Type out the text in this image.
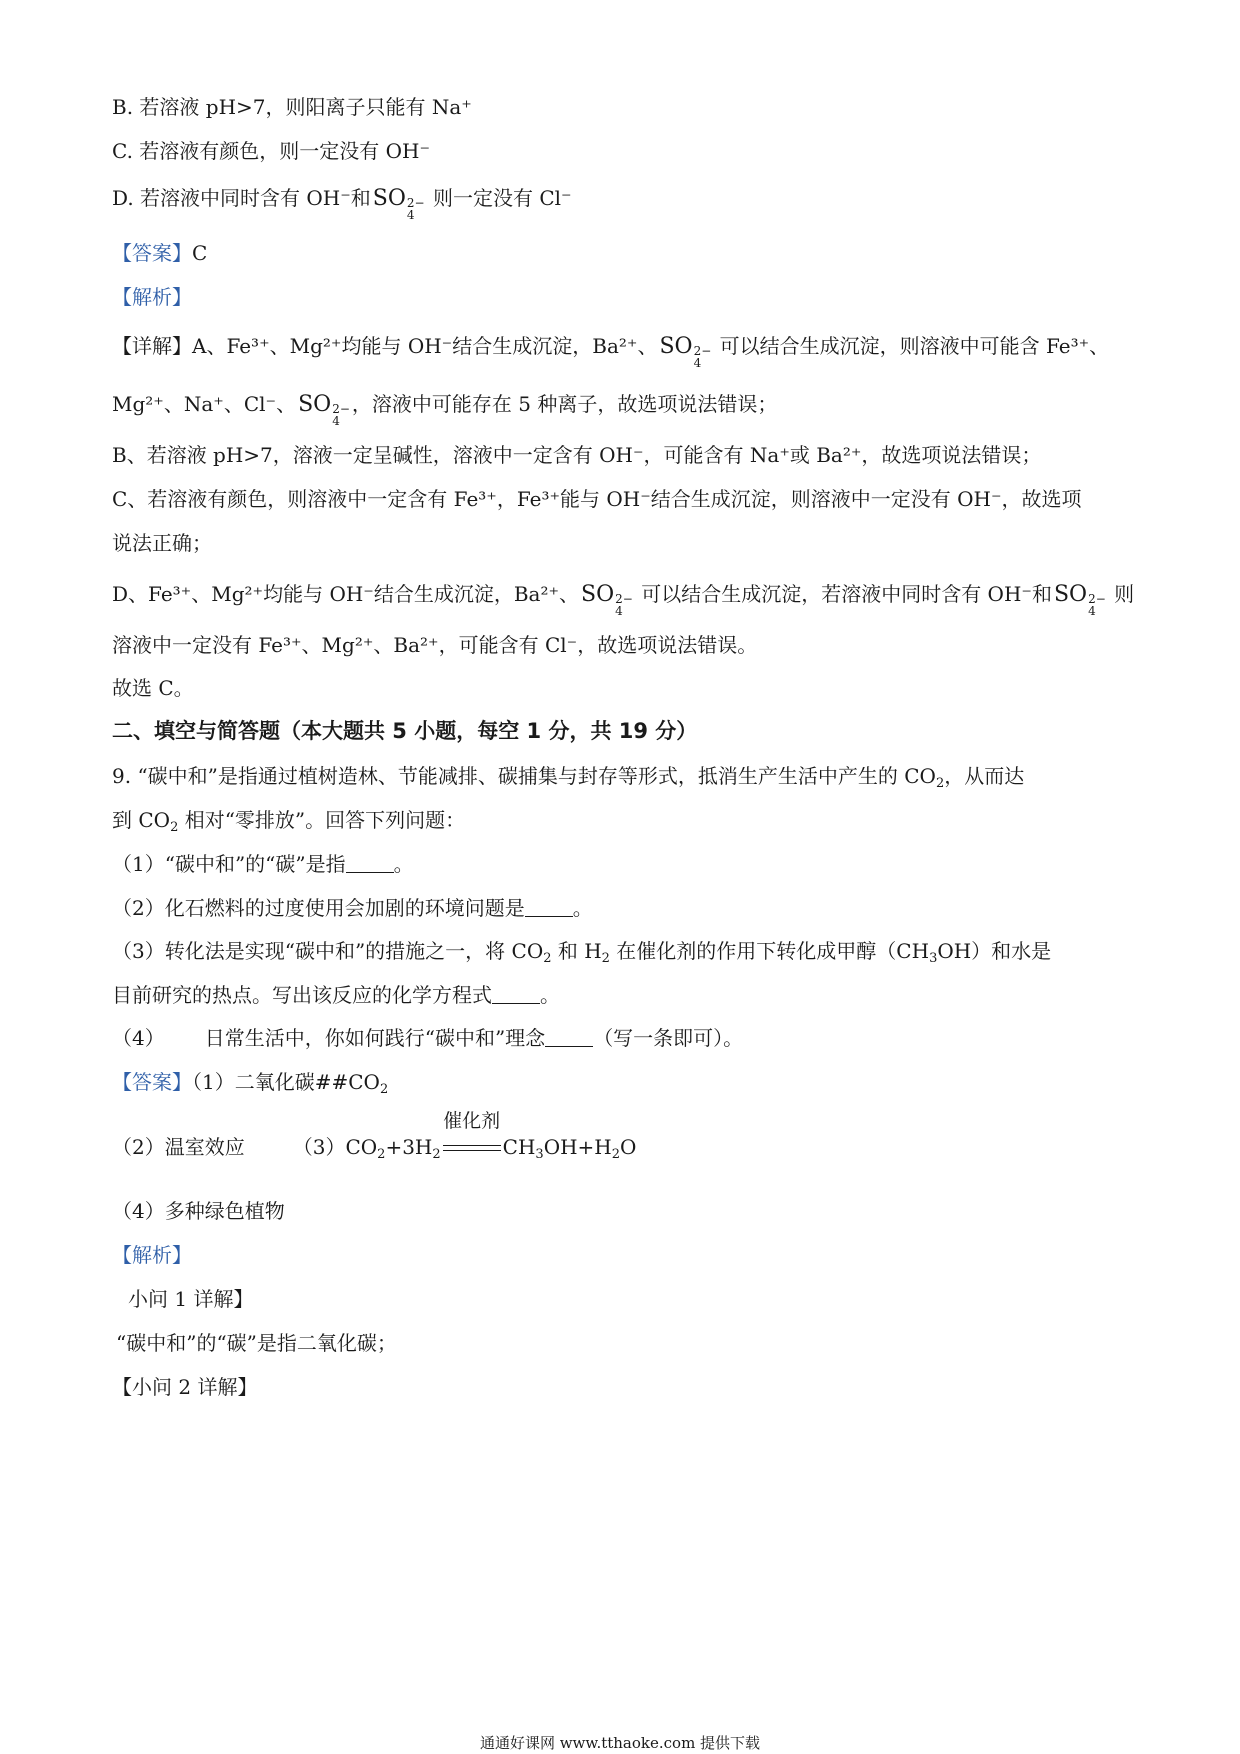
B. 若溶液 pH>7，则阳离子只能有 Na⁺
C. 若溶液有颜色，则一定没有 OH⁻
D. 若溶液中同时含有 OH⁻和SO 2−
4
则一定没有 Cl⁻
【答案】C
【解析】
【详解】A、Fe³⁺、Mg²⁺均能与 OH⁻结合生成沉淀，Ba²⁺、SO 2−
4
可以结合生成沉淀，则溶液中可能含 Fe³⁺、
Mg²⁺、Na⁺、Cl⁻、SO 2−
4
，溶液中可能存在 5 种离子，故选项说法错误；
B、若溶液 pH>7，溶液一定呈碱性，溶液中一定含有 OH⁻，可能含有 Na⁺或 Ba²⁺，故选项说法错误；
C、若溶液有颜色，则溶液中一定含有 Fe³⁺，Fe³⁺能与 OH⁻结合生成沉淀，则溶液中一定没有 OH⁻，故选项
说法正确；
D、Fe³⁺、Mg²⁺均能与 OH⁻结合生成沉淀，Ba²⁺、SO 2−
4
可以结合生成沉淀，若溶液中同时含有 OH⁻和SO 2−
4
则
溶液中一定没有 Fe³⁺、Mg²⁺、Ba²⁺，可能含有 Cl⁻，故选项说法错误。
故选 C。
二、填空与简答题（本大题共 5 小题，每空 1 分，共 19 分）
9. “碳中和”是指通过植树造林、节能减排、碳捕集与封存等形式，抵消生产生活中产生的 $CO_2$，从而达
到 $CO_2$ 相对“零排放”。回答下列问题：
（1）“碳中和”的“碳”是指 。
（2）化石燃料的过度使用会加剧的环境问题是 。
（3）转化法是实现“碳中和”的措施之一，将 $CO_2$ 和 $H_2$ 在催化剂的作用下转化成甲醇$(CH_3OH)$和水是
目前研究的热点。写出该反应的化学方程式 。
（4） 日常生活中，你如何践行“碳中和”理念 （写一条即可）。
【答案】（1）二氧化碳$\#\#CO_2$
（2）温室效应 $(3)CO_2+3H_2$
催化剂
$CH_3OH+H_2O$
（4）多种绿色植物
【解析】
小问 1 详解】
“碳中和”的“碳”是指二氧化碳；
【小问 2 详解】
通通好课网 www.tthaoke.com 提供下载
